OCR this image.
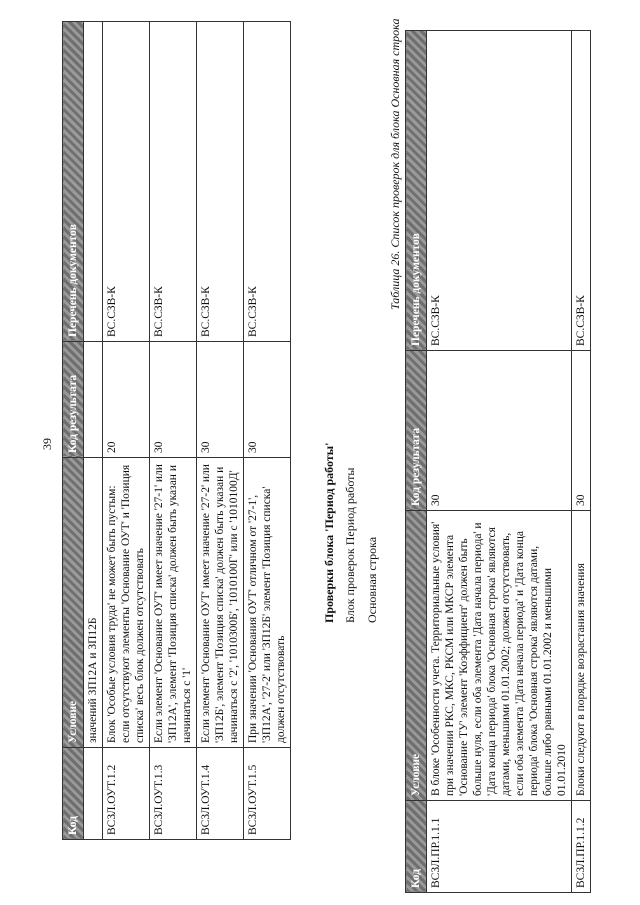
39
Код	Условие	Код результата	Перечень документов
	значений ЗП12А и ЗП12Б		
ВСЗЛ.ОУТ.1.2	Блок 'Особые условия труда' не может быть пустым: если отсутствуют элементы 'Основание ОУТ' и 'Позиция списка' весь блок должен отсутствовать	20	ВС.СЗВ-К
ВСЗЛ.ОУТ.1.3	Если элемент 'Основание ОУТ' имеет значение '27-1' или 'ЗП12А', элемент 'Позиция списка' должен быть указан и начинаться с '1'	30	ВС.СЗВ-К
ВСЗЛ.ОУТ.1.4	Если элемент 'Основание ОУТ' имеет значение '27-2' или 'ЗП12Б', элемент 'Позиция списка' должен быть указан и начинаться с '2', '1010300Б', '1010100Г' или с '1010100Д'	30	ВС.СЗВ-К
ВСЗЛ.ОУТ.1.5	При значении 'Основания ОУТ' отличном от '27-1', 'ЗП12А', '27-2' или 'ЗП12Б' элемент 'Позиция списка' должен отсутствовать	30	ВС.СЗВ-К
Проверки блока 'Период работы' Блок проверок Период работы Основная строка
Таблица 26. Список проверок для блока Основная строка
Код	Условие	Код результата	Перечень документов
ВСЗЛ.ПР.1.1.1	В блоке 'Особенности учета. Территориальные условия' при значении РКС, МКС, РКСМ или МКСР элемента 'Основание ТУ' элемент 'Коэффициент' должен быть больше нуля, если оба элемента 'Дата начала периода' и 'Дата конца периода' блока 'Основная строка' являются датами, меньшими 01.01.2002; должен отсутствовать, если оба элемента 'Дата начала периода' и 'Дата конца периода' блока 'Основная строка' являются датами, больше либо равными 01.01.2002 и меньшими 01.01.2010	30	ВС.СЗВ-К
ВСЗЛ.ПР.1.1.2	Блоки следуют в порядке возрастания значения	30	ВС.СЗВ-К
